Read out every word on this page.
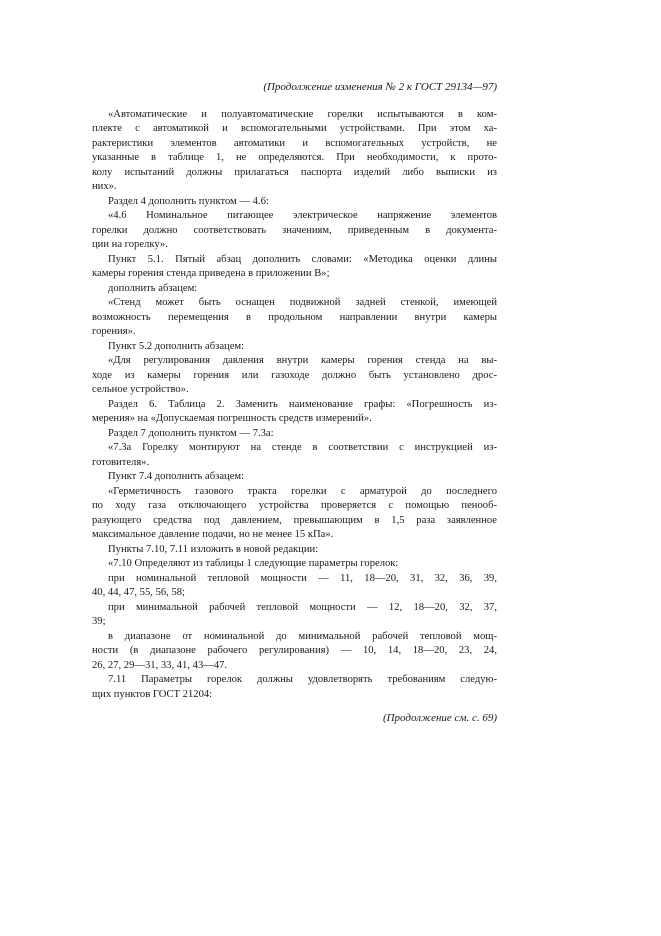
(Продолжение изменения № 2 к ГОСТ 29134—97)
«Автоматические и полуавтоматические горелки испытываются в ком-
плекте с автоматикой и вспомогательными устройствами. При этом ха-
рактеристики элементов автоматики и вспомогательных устройств, не
указанные в таблице 1, не определяются. При необходимости, к прото-
колу испытаний должны прилагаться паспорта изделий либо выписки из
них».
Раздел 4 дополнить пунктом — 4.6:
«4.6 Номинальное питающее электрическое напряжение элементов
горелки должно соответствовать значениям, приведенным в документа-
ции на горелку».
Пункт 5.1. Пятый абзац дополнить словами: «Методика оценки длины
камеры горения стенда приведена в приложении В»;
дополнить абзацем:
«Стенд может быть оснащен подвижной задней стенкой, имеющей
возможность перемещения в продольном направлении внутри камеры
горения».
Пункт 5.2 дополнить абзацем:
«Для регулирования давления внутри камеры горения стенда на вы-
ходе из камеры горения или газоходе должно быть установлено дрос-
сельное устройство».
Раздел 6. Таблица 2. Заменить наименование графы: «Погрешность из-
мерения» на «Допускаемая погрешность средств измерений».
Раздел 7 дополнить пунктом — 7.3а:
«7.3а Горелку монтируют на стенде в соответствии с инструкцией из-
готовителя».
Пункт 7.4 дополнить абзацем:
«Герметичность газового тракта горелки с арматурой до последнего
по ходу газа отключающего устройства проверяется с помощью пенооб-
разующего средства под давлением, превышающим в 1,5 раза заявленное
максимальное давление подачи, но не менее 15 кПа».
Пункты 7.10, 7.11 изложить в новой редакции:
«7.10 Определяют из таблицы 1 следующие параметры горелок:
при номинальной тепловой мощности — 11, 18—20, 31, 32, 36, 39,
40, 44, 47, 55, 56, 58;
при минимальной рабочей тепловой мощности — 12, 18—20, 32, 37,
39;
в диапазоне от номинальной до минимальной рабочей тепловой мощ-
ности (в диапазоне рабочего регулирования) — 10, 14, 18—20, 23, 24,
26, 27, 29—31, 33, 41, 43—47.
7.11 Параметры горелок должны удовлетворять требованиям следую-
щих пунктов ГОСТ 21204:
(Продолжение см. с. 69)
